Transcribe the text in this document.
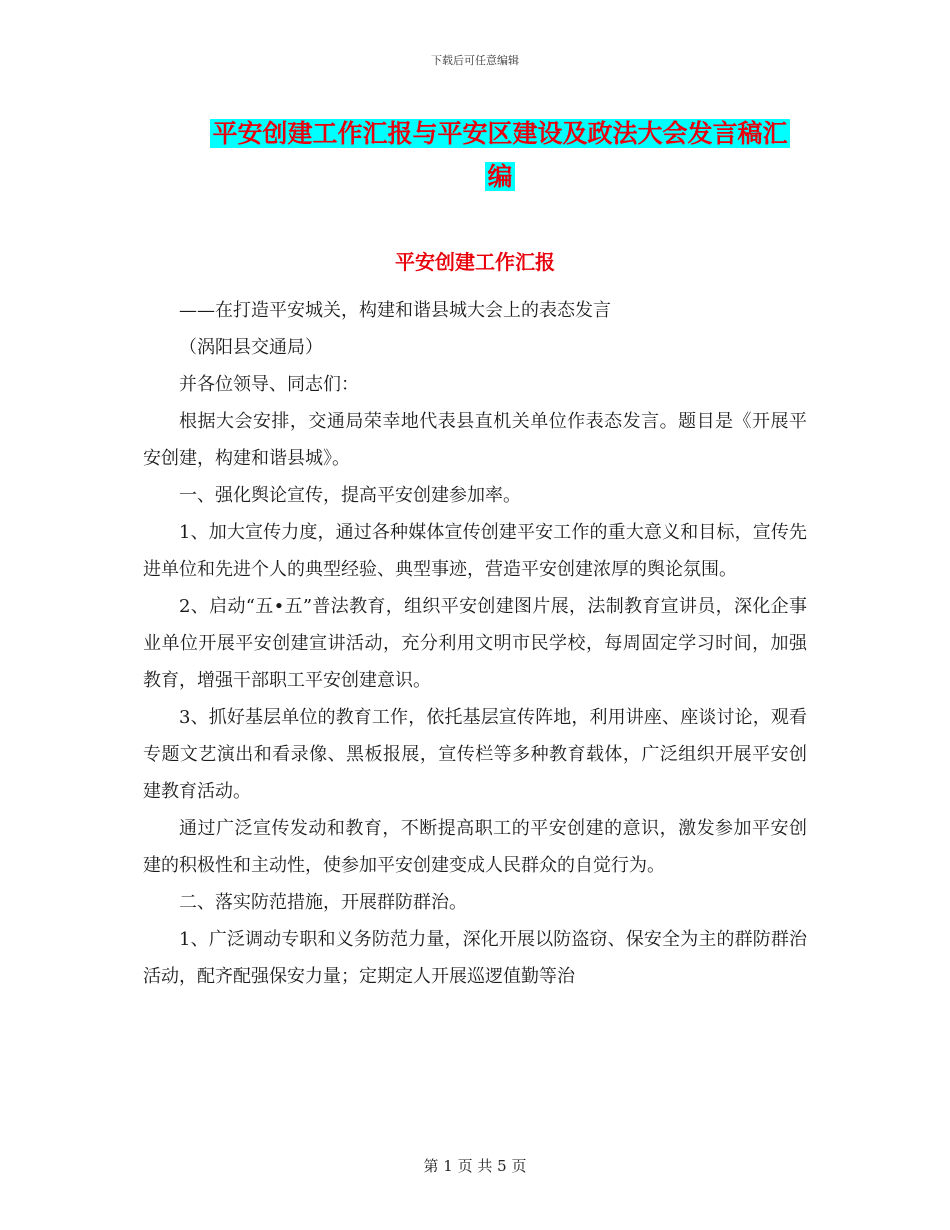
下载后可任意编辑
平安创建工作汇报与平安区建设及政法大会发言稿汇
编
平安创建工作汇报

——在打造平安城关，构建和谐县城大会上的表态发言

（涡阳县交通局）

并各位领导、同志们：

根据大会安排，交通局荣幸地代表县直机关单位作表态发言。题目是《开展平安创建，构建和谐县城》。

一、强化舆论宣传，提高平安创建参加率。

1、加大宣传力度，通过各种媒体宣传创建平安工作的重大意义和目标，宣传先进单位和先进个人的典型经验、典型事迹，营造平安创建浓厚的舆论氛围。

2、启动“五•五”普法教育，组织平安创建图片展，法制教育宣讲员，深化企事业单位开展平安创建宣讲活动，充分利用文明市民学校，每周固定学习时间，加强教育，增强干部职工平安创建意识。

3、抓好基层单位的教育工作，依托基层宣传阵地，利用讲座、座谈讨论，观看专题文艺演出和看录像、黑板报展，宣传栏等多种教育载体，广泛组织开展平安创建教育活动。

通过广泛宣传发动和教育，不断提高职工的平安创建的意识，激发参加平安创建的积极性和主动性，使参加平安创建变成人民群众的自觉行为。

二、落实防范措施，开展群防群治。

1、广泛调动专职和义务防范力量，深化开展以防盗窃、保安全为主的群防群治活动，配齐配强保安力量；定期定人开展巡逻值勤等治

第 1 页 共 5 页
